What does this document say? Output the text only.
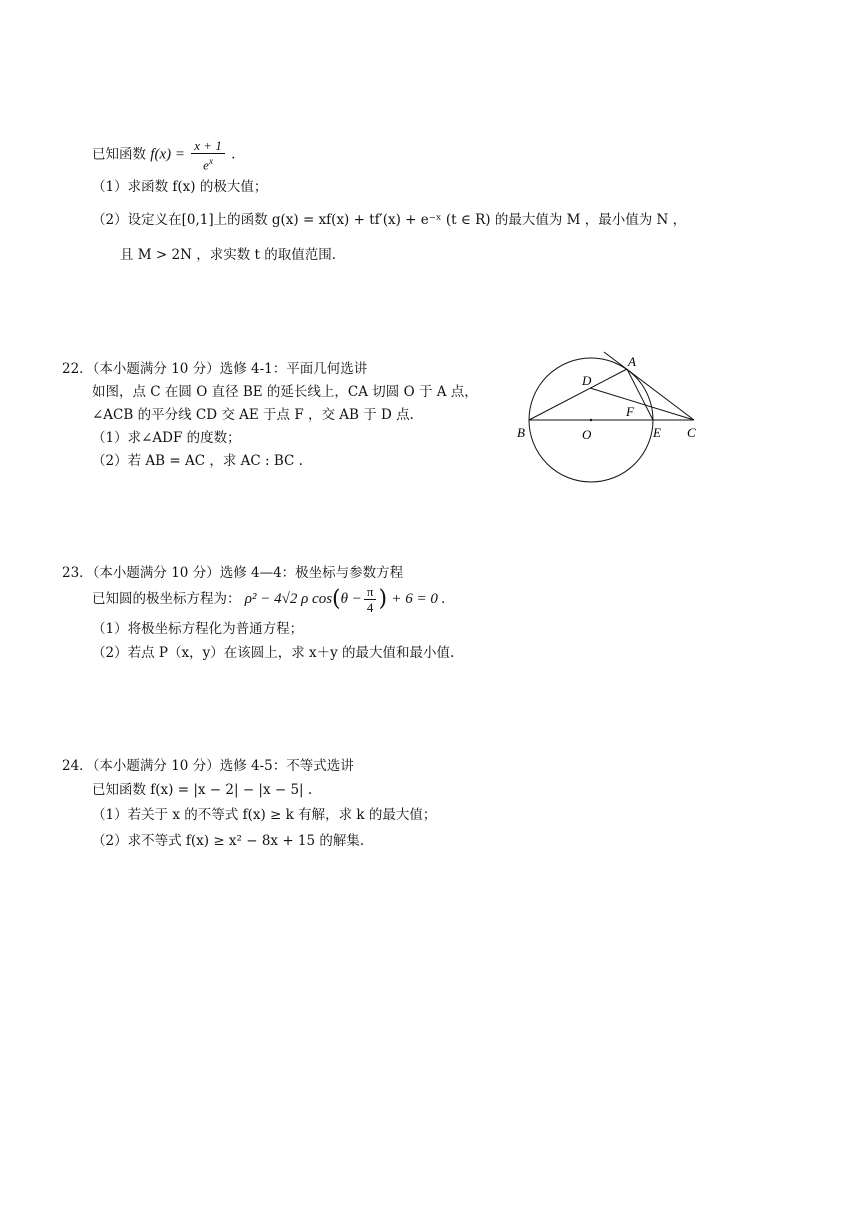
已知函数 $f(x) = \frac{x + 1}{e^x}$ .
（1）求函数 f(x) 的极大值；
（2）设定义在[0,1]上的函数 g(x) = xf(x) + tf′(x) + e⁻ˣ (t ∈ R) 的最大值为 M ，最小值为 N ，
且 M > 2N ，求实数 t 的取值范围.
22．（本小题满分 10 分）选修 4-1：平面几何选讲
如图，点 C 在圆 O 直径 BE 的延长线上，CA 切圆 O 于 A 点，
∠ACB 的平分线 CD 交 AE 于点 F ，交 AB 于 D 点.
（1）求∠ADF 的度数；
（2）若 AB = AC ，求 AC : BC .
A
D
F
B	O	E C
23．（本小题满分 10 分）选修 4—4：极坐标与参数方程
已知圆的极坐标方程为： ρ² − 4√2 ρ $\cos(\theta - \frac{\pi}{4}$ ) + 6 = 0 .
（1）将极坐标方程化为普通方程；
（2）若点 P（x，y）在该圆上，求 x＋y 的最大值和最小值.
24．（本小题满分 10 分）选修 4-5：不等式选讲
已知函数 f(x) = |x − 2| − |x − 5| .
（1）若关于 x 的不等式 f(x) ≥ k 有解，求 k 的最大值；
（2）求不等式 f(x) ≥ x² − 8x + 15 的解集.
